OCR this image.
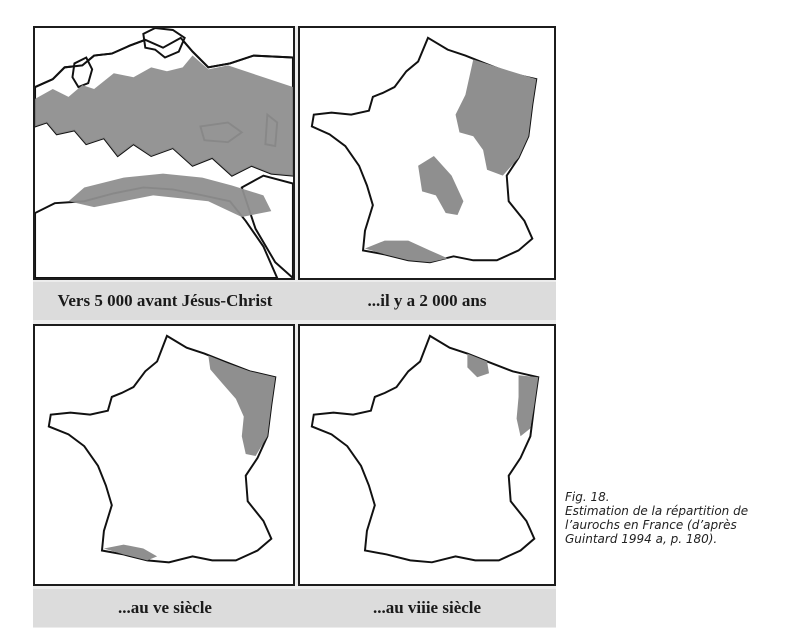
Vers 5 000 avant Jésus-Christ	...il y a 2 000 ans
...au ve siècle	...au viiie siècle
Fig. 18.
Estimation de la répartition de
l’aurochs en France (d’après
Guintard 1994 a, p. 180).
